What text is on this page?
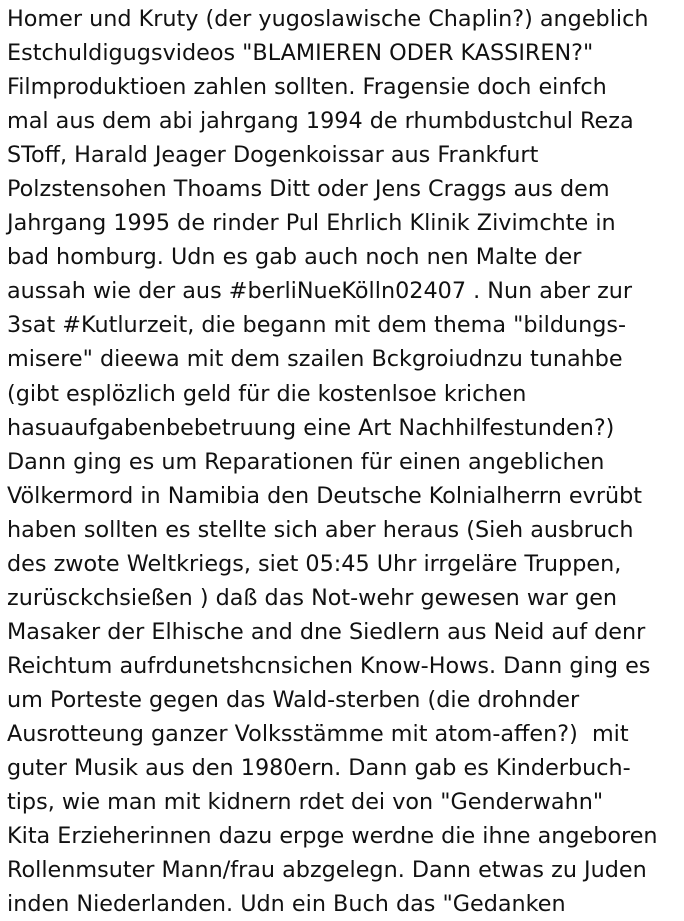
Homer und Kruty (der yugoslawische Chaplin?) angeblich
Estchuldigugsvideos "BLAMIEREN ODER KASSIREN?"
Filmproduktioen zahlen sollten. Fragensie doch einfch
mal aus dem abi jahrgang 1994 de rhumbdustchul Reza
SToff, Harald Jeager Dogenkoissar aus Frankfurt
Polzstensohen Thoams Ditt oder Jens Craggs aus dem
Jahrgang 1995 de rinder Pul Ehrlich Klinik Zivimchte in
bad homburg. Udn es gab auch noch nen Malte der
aussah wie der aus #berliNueKölln02407 . Nun aber zur
3sat #Kutlurzeit, die begann mit dem thema "bildungs-
misere" dieewa mit dem szailen Bckgroiudnzu tunahbe
(gibt esplözlich geld für die kostenlsoe krichen
hasuaufgabenbebetruung eine Art Nachhilfestunden?)
Dann ging es um Reparationen für einen angeblichen
Völkermord in Namibia den Deutsche Kolnialherrn evrübt
haben sollten es stellte sich aber heraus (Sieh ausbruch
des zwote Weltkriegs, siet 05:45 Uhr irrgeläre Truppen,
zurüsckchsießen ) daß das Not-wehr gewesen war gen
Masaker der Elhische and dne Siedlern aus Neid auf denr
Reichtum aufrdunetshcnsichen Know-Hows. Dann ging es
um Porteste gegen das Wald-sterben (die drohnder
Ausrotteung ganzer Volksstämme mit atom-affen?)  mit
guter Musik aus den 1980ern. Dann gab es Kinderbuch-
tips, wie man mit kidnern rdet dei von "Genderwahn"
Kita Erzieherinnen dazu erpge werdne die ihne angeboren
Rollenmsuter Mann/frau abzgelegn. Dann etwas zu Juden
inden Niederlanden. Udn ein Buch das "Gedanken
